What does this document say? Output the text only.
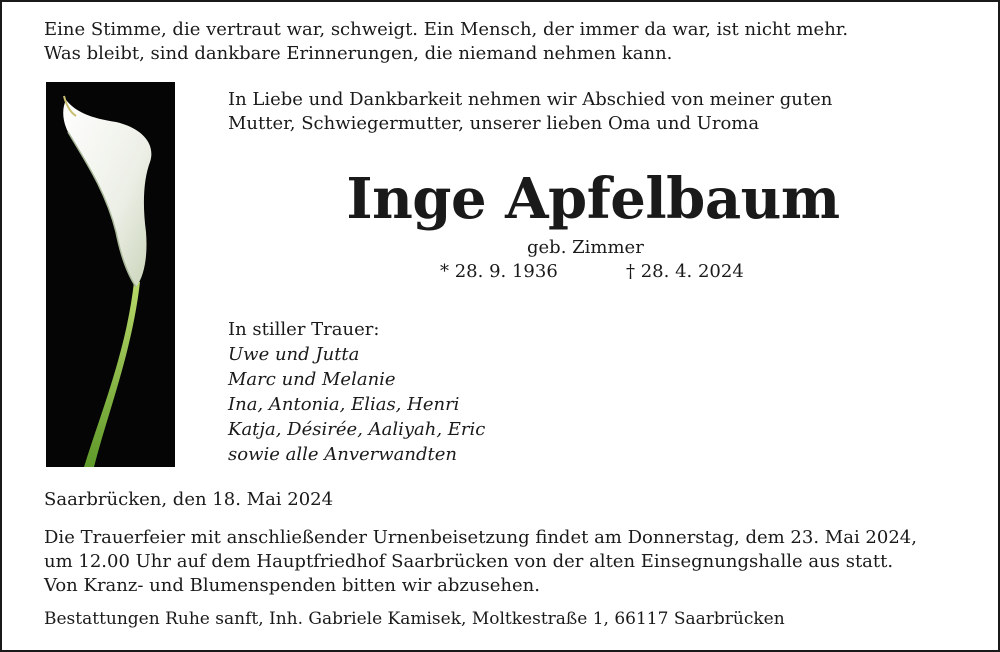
Eine Stimme, die vertraut war, schweigt. Ein Mensch, der immer da war, ist nicht mehr.
Was bleibt, sind dankbare Erinnerungen, die niemand nehmen kann.
In Liebe und Dankbarkeit nehmen wir Abschied von meiner guten
Mutter, Schwiegermutter, unserer lieben Oma und Uroma
Inge Apfelbaum
geb. Zimmer
* 28. 9. 1936	† 28. 4. 2024
In stiller Trauer:
Uwe und Jutta
Marc und Melanie
Ina, Antonia, Elias, Henri
Katja, Désirée, Aaliyah, Eric
sowie alle Anverwandten
Saarbrücken, den 18. Mai 2024
Die Trauerfeier mit anschließender Urnenbeisetzung findet am Donnerstag, dem 23. Mai 2024,
um 12.00 Uhr auf dem Hauptfriedhof Saarbrücken von der alten Einsegnungshalle aus statt.
Von Kranz- und Blumenspenden bitten wir abzusehen.
Bestattungen Ruhe sanft, Inh. Gabriele Kamisek, Moltkestraße 1, 66117 Saarbrücken
